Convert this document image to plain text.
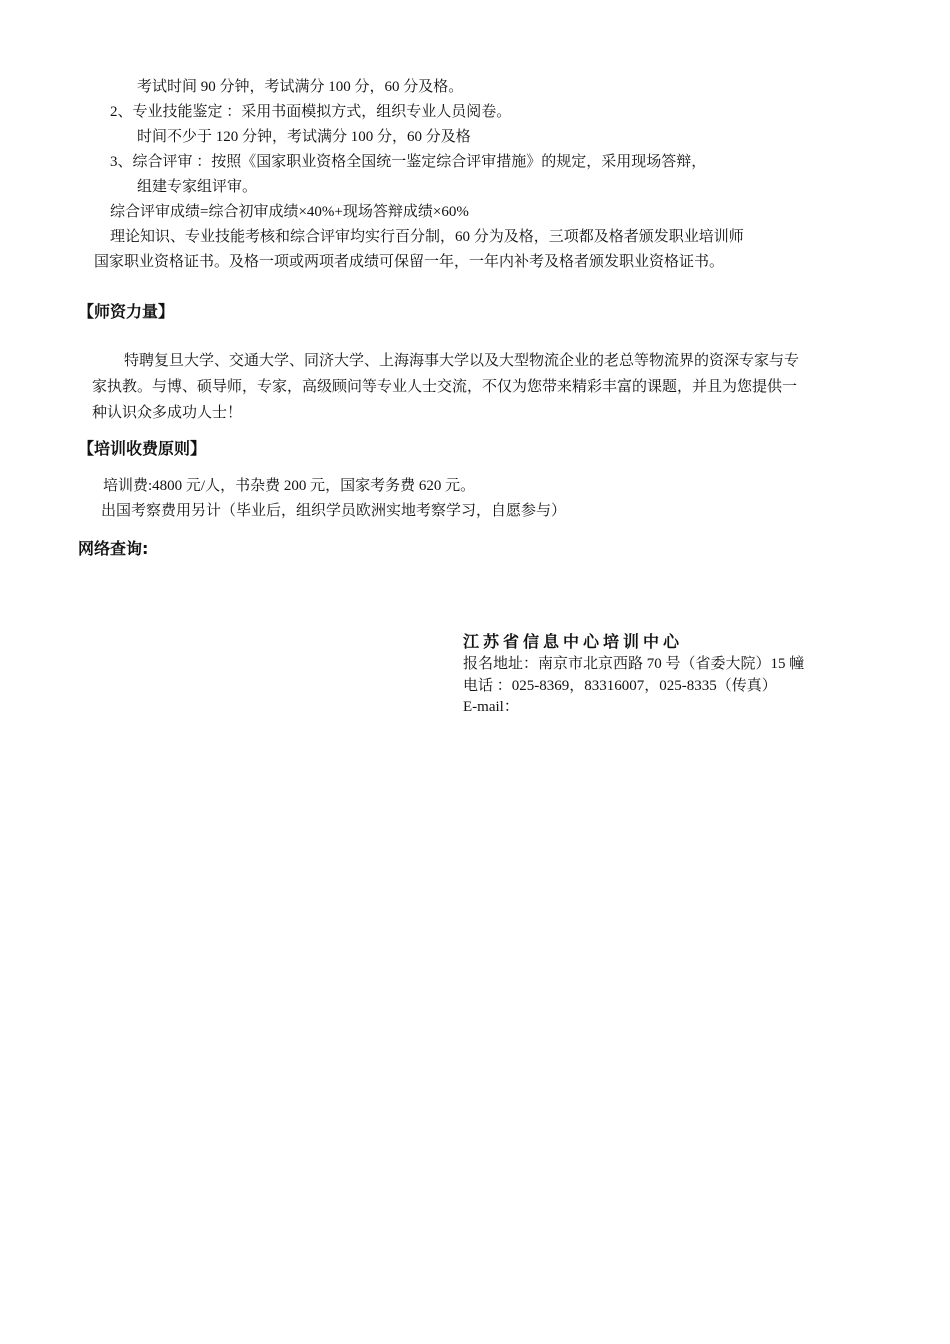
考试时间 90 分钟，考试满分 100 分，60 分及格。
2、专业技能鉴定 ：采用书面模拟方式，组织专业人员阅卷。
时间不少于 120 分钟，考试满分 100 分，60 分及格
3、综合评审 ：按照《国家职业资格全国统一鉴定综合评审措施》的规定，采用现场答辩，
组建专家组评审。
综合评审成绩=综合初审成绩×40%+现场答辩成绩×60%
理论知识、专业技能考核和综合评审均实行百分制，60 分为及格，三项都及格者颁发职业培训师
国家职业资格证书。及格一项或两项者成绩可保留一年，一年内补考及格者颁发职业资格证书。
【师资力量】
特聘复旦大学、交通大学、同济大学、上海海事大学以及大型物流企业的老总等物流界的资深专家与专
家执教。与博、硕导师，专家，高级顾问等专业人士交流，不仅为您带来精彩丰富的课题，并且为您提供一
种认识众多成功人士！
【培训收费原则】
培训费:4800 元/人，书杂费 200 元，国家考务费 620 元。
出国考察费用另计（毕业后，组织学员欧洲实地考察学习，自愿参与）
网络查询:
江苏省信息中心培训中心
报名地址：南京市北京西路 70 号（省委大院）15 幢
电话 ：025-8369，83316007，025-8335（传真）
E-mail：
